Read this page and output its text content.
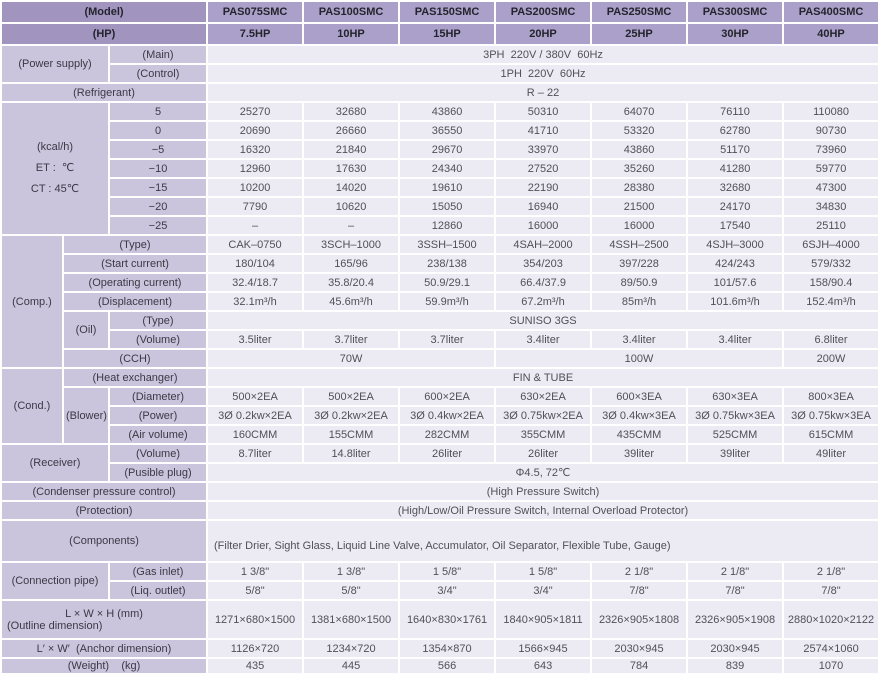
(Model)			PAS075SMC	PAS100SMC	PAS150SMC	PAS200SMC	PAS250SMC	PAS300SMC	PAS400SMC
(HP)			7.5HP	10HP	15HP	20HP	25HP	30HP	40HP
(Power supply)		(Main)	3PH  220V / 380V  60Hz						
		(Control)	1PH  220V  60Hz						
(Refrigerant)			R – 22						

(kcal/h)
ET :  ℃
CT : 45℃		5	25270	32680	43860	50310	64070	76110	110080
		0	20690	26660	36550	41710	53320	62780	90730
		−5	16320	21840	29670	33970	43860	51170	73960
		−10	12960	17630	24340	27520	35260	41280	59770
		−15	10200	14020	19610	22190	28380	32680	47300
		−20	7790	10620	15050	16940	21500	24170	34830
		−25	–	–	12860	16000	16000	17540	25110
(Comp.)	(Type)		CAK–0750	3SCH–1000	3SSH–1500	4SAH–2000	4SSH–2500	4SJH–3000	6SJH–4000
	(Start current)		180/104	165/96	238/138	354/203	397/228	424/243	579/332
	(Operating current)		32.4/18.7	35.8/20.4	50.9/29.1	66.4/37.9	89/50.9	101/57.6	158/90.4
	(Displacement)		32.1m³/h	45.6m³/h	59.9m³/h	67.2m³/h	85m³/h	101.6m³/h	152.4m³/h
	(Oil)	(Type)	SUNISO 3GS						
		(Volume)	3.5liter	3.7liter	3.7liter	3.4liter	3.4liter	3.4liter	6.8liter
	(CCH)		70W			100W			200W
(Cond.)	(Heat exchanger)		FIN & TUBE						
	(Blower)	(Diameter)	500×2EA	500×2EA	600×2EA	630×2EA	600×3EA	630×3EA	800×3EA
		(Power)	3Ø 0.2kw×2EA	3Ø 0.2kw×2EA	3Ø 0.4kw×2EA	3Ø 0.75kw×2EA	3Ø 0.4kw×3EA	3Ø 0.75kw×3EA	3Ø 0.75kw×3EA
		(Air volume)	160CMM	155CMM	282CMM	355CMM	435CMM	525CMM	615CMM
(Receiver)		(Volume)	8.7liter	14.8liter	26liter	26liter	39liter	39liter	49liter
		(Pusible plug)	Φ4.5, 72℃						
(Condenser pressure control)			(High Pressure Switch)						
(Protection)			(High/Low/Oil Pressure Switch, Internal Overload Protector)						
(Components)			(Filter Drier, Sight Glass, Liquid Line Valve, Accumulator, Oil Separator, Flexible Tube, Gauge)						
(Connection pipe)		(Gas inlet)	1 3/8"	1 3/8"	1 5/8"	1 5/8"	2 1/8"	2 1/8"	2 1/8"
		(Liq. outlet)	5/8"	5/8"	3/4"	3/4"	7/8"	7/8"	7/8"

L × W × H (mm)
(Outline dimension)			1271×680×1500	1381×680×1500	1640×830×1761	1840×905×1811	2326×905×1808	2326×905×1908	2880×1020×2122
L′ × W′  (Anchor dimension)			1126×720	1234×720	1354×870	1566×945	2030×945	2030×945	2574×1060
(Weight)    (kg)			435	445	566	643	784	839	1070
